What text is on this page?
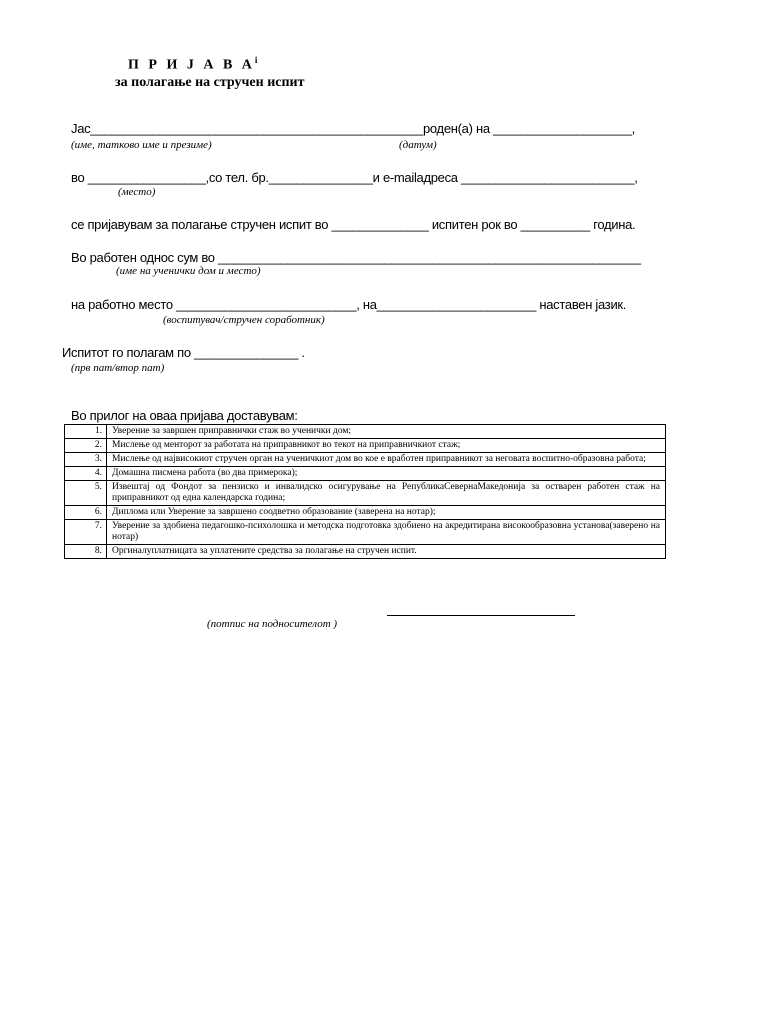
П Р И Ј А В $А^i$
за полагање на стручен испит
Јас________________________________________________роден(а) на ____________________,
(име, татково име и презиме)	(датум)
во _________________,со тел. бр._______________и e-mailадреса _________________________,
(место)
се пријавувам за полагање стручен испит во ______________ испитен рок во __________ година.
Во работен однос сум во _____________________________________________________________
(име на ученички дом и место)
на работно место __________________________, на_______________________ наставен јазик.
(воспитувач/стручен соработник)
Испитот го полагам по _______________ .
(прв пат/втор пат)
Во прилог на оваа пријава доставувам:
1.	Уверение за завршен приправнички стаж во ученички дом;
2.	Мислење од менторот за работата на приправникот во текот на приправничкиот стаж;
3.	Мислење од највисокиот стручен орган на ученичкиот дом во кое е вработен приправникот за неговата воспитно-образовна работа;
4.	Домашна писмена работа (во два примерока);
5.	Извештај од Фондот за пензиско и инвалидско осигурување на РепубликаСевернаМакедонија за остварен работен стаж на приправникот од една календарска година;
6.	Диплома или Уверение за завршено соодветно образование (заверена на нотар);
7.	Уверение за здобиена педагошко-психолошка и методска подготовка здобиено на акредитирана високообразовна установа(заверено на нотар)
8.	Оргиналуплатницата за уплатените средства за полагање на стручен испит.
(потпис на подносителот )
